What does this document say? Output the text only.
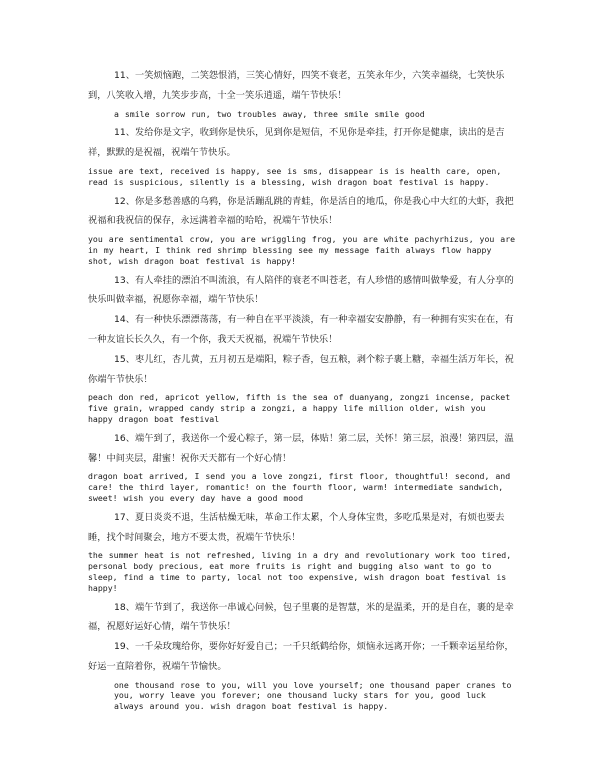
11、一笑烦恼跑，二笑怨恨消，三笑心情好，四笑不衰老，五笑永年少，六笑幸福绕，七笑快乐到，八笑收入增，九笑步步高，十全一笑乐逍遥，端午节快乐！

a smile sorrow run, two troubles away, three smile smile good

11、发给你是文字，收到你是快乐，见到你是短信，不见你是牵挂，打开你是健康，读出的是吉祥，默默的是祝福，祝端午节快乐。

issue are text, received is happy, see is sms, disappear is is health care, open, read is suspicious, silently is a blessing, wish dragon boat festival is happy.

12、你是多愁善感的乌鸦，你是活蹦乱跳的青蛙，你是活自的地瓜，你是我心中大红的大虾，我把祝福和我祝信的保存，永远满着幸福的哈哈，祝端午节快乐！

you are sentimental crow, you are wriggling frog, you are white pachyrhizus, you are in my heart, I think red shrimp blessing see my message faith always flow happy shot, wish dragon boat festival is happy!

13、有人牵挂的漂泊不叫流浪，有人陪伴的衰老不叫苍老，有人珍惜的感情叫做挚爱，有人分享的快乐叫做幸福，祝愿你幸福，端午节快乐！

14、有一种快乐漂漂荡荡，有一种自在平平淡淡，有一种幸福安安静静，有一种拥有实实在在，有一种友谊长长久久，有一个你，我天天祝福，祝端午节快乐！

15、枣儿红，杏儿黄，五月初五是端阳，粽子香，包五粮，剥个粽子裹上糖，幸福生活万年长，祝你端午节快乐！

peach don red, apricot yellow, fifth is the sea of duanyang, zongzi incense, packet five grain, wrapped candy strip a zongzi, a happy life million older, wish you happy dragon boat festival

16、端午到了，我送你一个爱心粽子，第一层，体贴！第二层，关怀！第三层，浪漫！第四层，温馨！中间夹层，甜蜜！祝你天天都有一个好心情！

dragon boat arrived, I send you a love zongzi, first floor, thoughtful! second, and care! the third layer, romantic! on the fourth floor, warm! intermediate sandwich, sweet! wish you every day have a good mood

17、夏日炎炎不退，生活枯燥无味，革命工作太累，个人身体宝贵，多吃瓜果是对，有烦也要去睡，找个时间聚会，地方不要太贵，祝端午节快乐！

the summer heat is not refreshed, living in a dry and revolutionary work too tired, personal body precious, eat more fruits is right and bugging also want to go to sleep, find a time to party, local not too expensive, wish dragon boat festival is happy!

18、端午节到了，我送你一串诚心问候，包子里裹的是智慧，米的是温柔，开的是自在，裹的是幸福，祝愿好运好心情，端午节快乐！

19、一千朵玫瑰给你，要你好好爱自己；一千只纸鹤给你，烦恼永远离开你；一千颗幸运星给你，好运一直陪着你，祝端午节愉快。

one thousand rose to you, will you love yourself; one thousand paper cranes to you, worry leave you forever; one thousand lucky stars for you, good luck always around you. wish dragon boat festival is happy.
